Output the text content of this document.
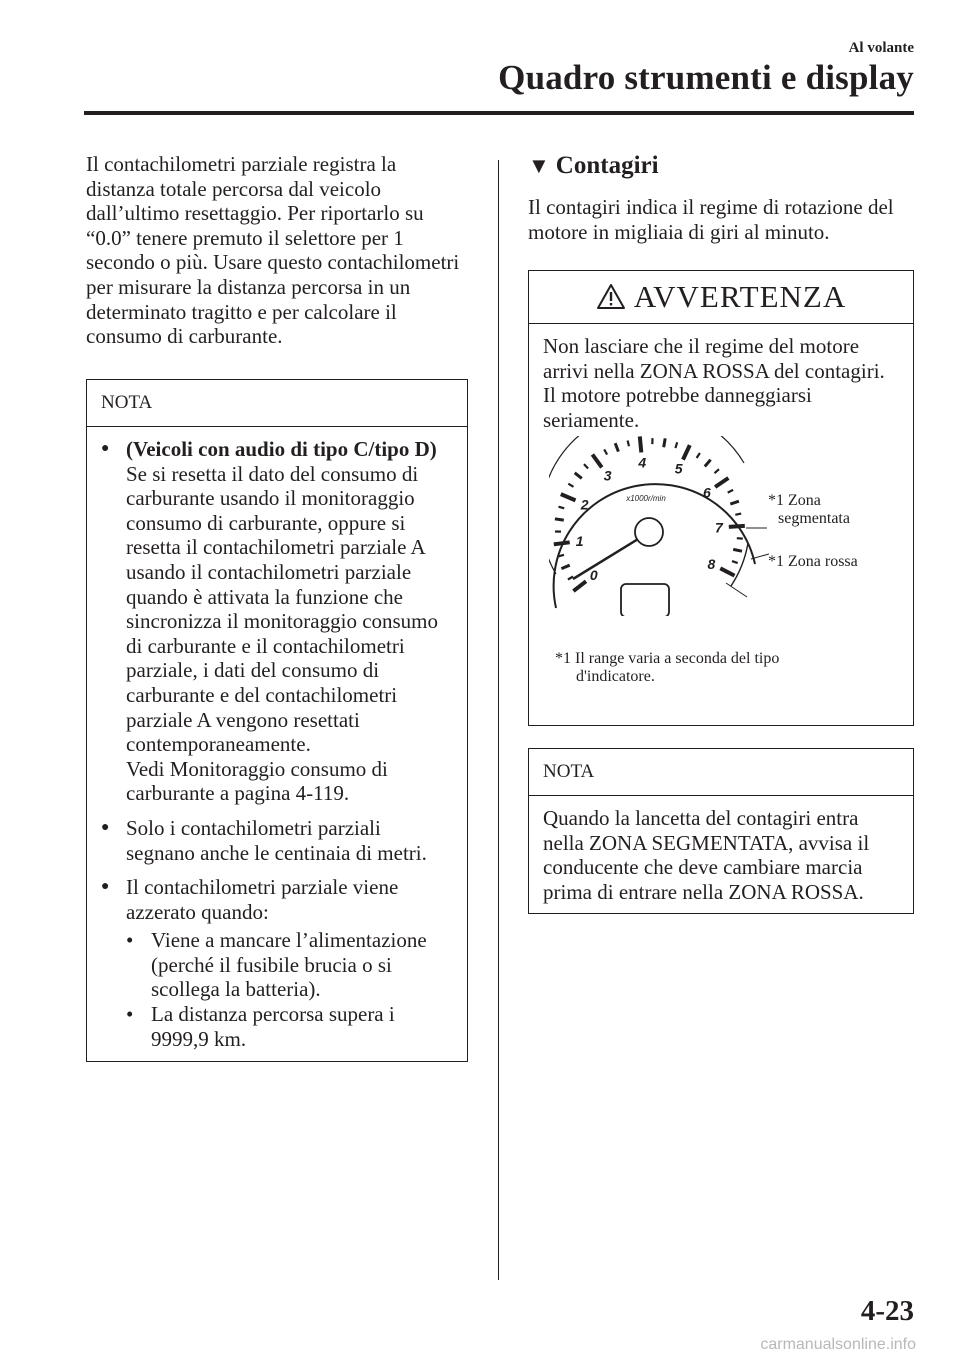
Al volante
Quadro strumenti e display

Il contachilometri parziale registra la distanza totale percorsa dal veicolo dall’ultimo resettaggio. Per riportarlo su “0.0” tenere premuto il selettore per 1 secondo o più. Usare questo contachilometri per misurare la distanza percorsa in un determinato tragitto e per calcolare il consumo di carburante.

NOTA
● (Veicoli con audio di tipo C/tipo D)
Se si resetta il dato del consumo di carburante usando il monitoraggio consumo di carburante, oppure si resetta il contachilometri parziale A usando il contachilometri parziale quando è attivata la funzione che sincronizza il monitoraggio consumo di carburante e il contachilometri parziale, i dati del consumo di carburante e del contachilometri parziale A vengono resettati contemporaneamente.
Vedi Monitoraggio consumo di carburante a pagina 4-119.
● Solo i contachilometri parziali segnano anche le centinaia di metri.
● Il contachilometri parziale viene azzerato quando:
• Viene a mancare l’alimentazione (perché il fusibile brucia o si scollega la batteria).
• La distanza percorsa supera i 9999,9 km.
▼ Contagiri

Il contagiri indica il regime di rotazione del motore in migliaia di giri al minuto.

AVVERTENZA
Non lasciare che il regime del motore arrivi nella ZONA ROSSA del contagiri. Il motore potrebbe danneggiarsi seriamente.
0
1
2
3
4 5
6
7
8
x1000r/min	*1 Zona
segmentata
*1 Zona rossa
*1 Il range varia a seconda del tipo
d'indicatore.
NOTA
Quando la lancetta del contagiri entra nella ZONA SEGMENTATA, avvisa il conducente che deve cambiare marcia prima di entrare nella ZONA ROSSA.
4-23
carmanualsonline.info
